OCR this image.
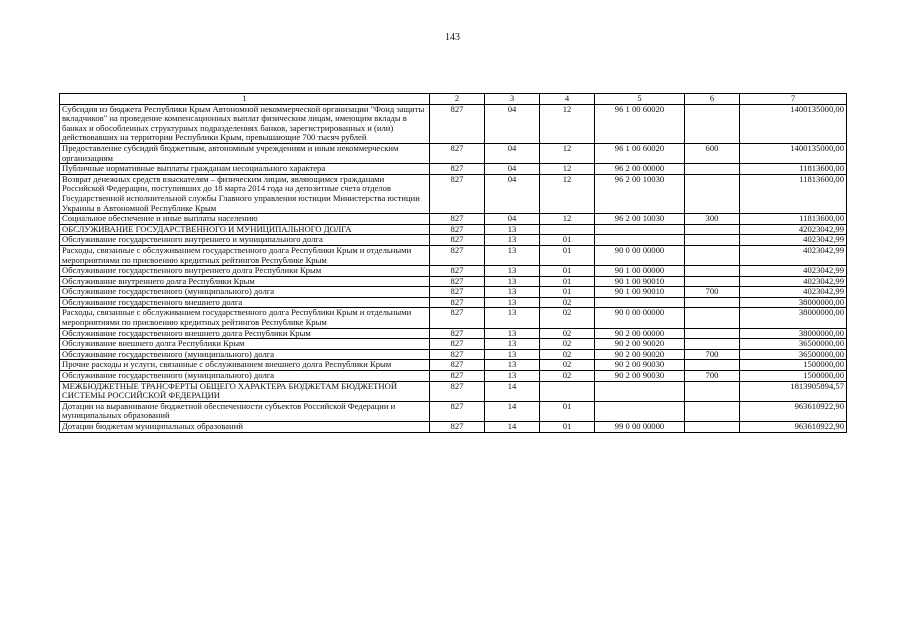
143
1	2	3	4	5	6	7
Субсидия из бюджета Республики Крым Автономной некоммерческой организации "Фонд защиты вкладчиков" на проведение компенсационных выплат физическим лицам, имеющим вклады в банках и обособленных структурных подразделениях банков, зарегистрированных и (или) действовавших на территории Республики Крым, превышающие 700 тысяч рублей	827	04	12	96 1 00 60020		1400135000,00
Предоставление субсидий бюджетным, автономным учреждениям и иным некоммерческим организациям	827	04	12	96 1 00 60020	600	1400135000,00
Публичные нормативные выплаты гражданам несоциального характера	827	04	12	96 2 00 00000		11813600,00
Возврат денежных средств взыскателям – физическим лицам, являющимся гражданами Российской Федерации, поступивших до 18 марта 2014 года на депозитные счета отделов Государственной исполнительной службы Главного управления юстиции Министерства юстиции Украины в Автономной Республике Крым	827	04	12	96 2 00 10030		11813600,00
Социальное обеспечение и иные выплаты населению	827	04	12	96 2 00 10030	300	11813600,00
ОБСЛУЖИВАНИЕ ГОСУДАРСТВЕННОГО И МУНИЦИПАЛЬНОГО ДОЛГА	827	13				42023042,99
Обслуживание государственного внутреннего и муниципального долга	827	13	01			4023042,99
Расходы, связанные с обслуживанием государственного долга Республики Крым и отдельными мероприятиями по присвоению кредитных рейтингов Республике Крым	827	13	01	90 0 00 00000		4023042,99
Обслуживание государственного внутреннего долга Республики Крым	827	13	01	90 1 00 00000		4023042,99
Обслуживание внутреннего долга Республики Крым	827	13	01	90 1 00 90010		4023042,99
Обслуживание государственного (муниципального) долга	827	13	01	90 1 00 90010	700	4023042,99
Обслуживание государственного внешнего долга	827	13	02			38000000,00
Расходы, связанные с обслуживанием государственного долга Республики Крым и отдельными мероприятиями по присвоению кредитных рейтингов Республике Крым	827	13	02	90 0 00 00000		38000000,00
Обслуживание государственного внешнего долга Республики Крым	827	13	02	90 2 00 00000		38000000,00
Обслуживание внешнего долга Республики Крым	827	13	02	90 2 00 90020		36500000,00
Обслуживание государственного (муниципального) долга	827	13	02	90 2 00 90020	700	36500000,00
Прочие расходы и услуги, связанные с обслуживанием внешнего долга Республики Крым	827	13	02	90 2 00 90030		1500000,00
Обслуживание государственного (муниципального) долга	827	13	02	90 2 00 90030	700	1500000,00
МЕЖБЮДЖЕТНЫЕ ТРАНСФЕРТЫ ОБЩЕГО ХАРАКТЕРА БЮДЖЕТАМ БЮДЖЕТНОЙ СИСТЕМЫ РОССИЙСКОЙ ФЕДЕРАЦИИ	827	14				1813905894,57
Дотации на выравнивание бюджетной обеспеченности субъектов Российской Федерации и муниципальных образований	827	14	01			963610922,90
Дотации бюджетам муниципальных образований	827	14	01	99 0 00 00000		963610922,90
